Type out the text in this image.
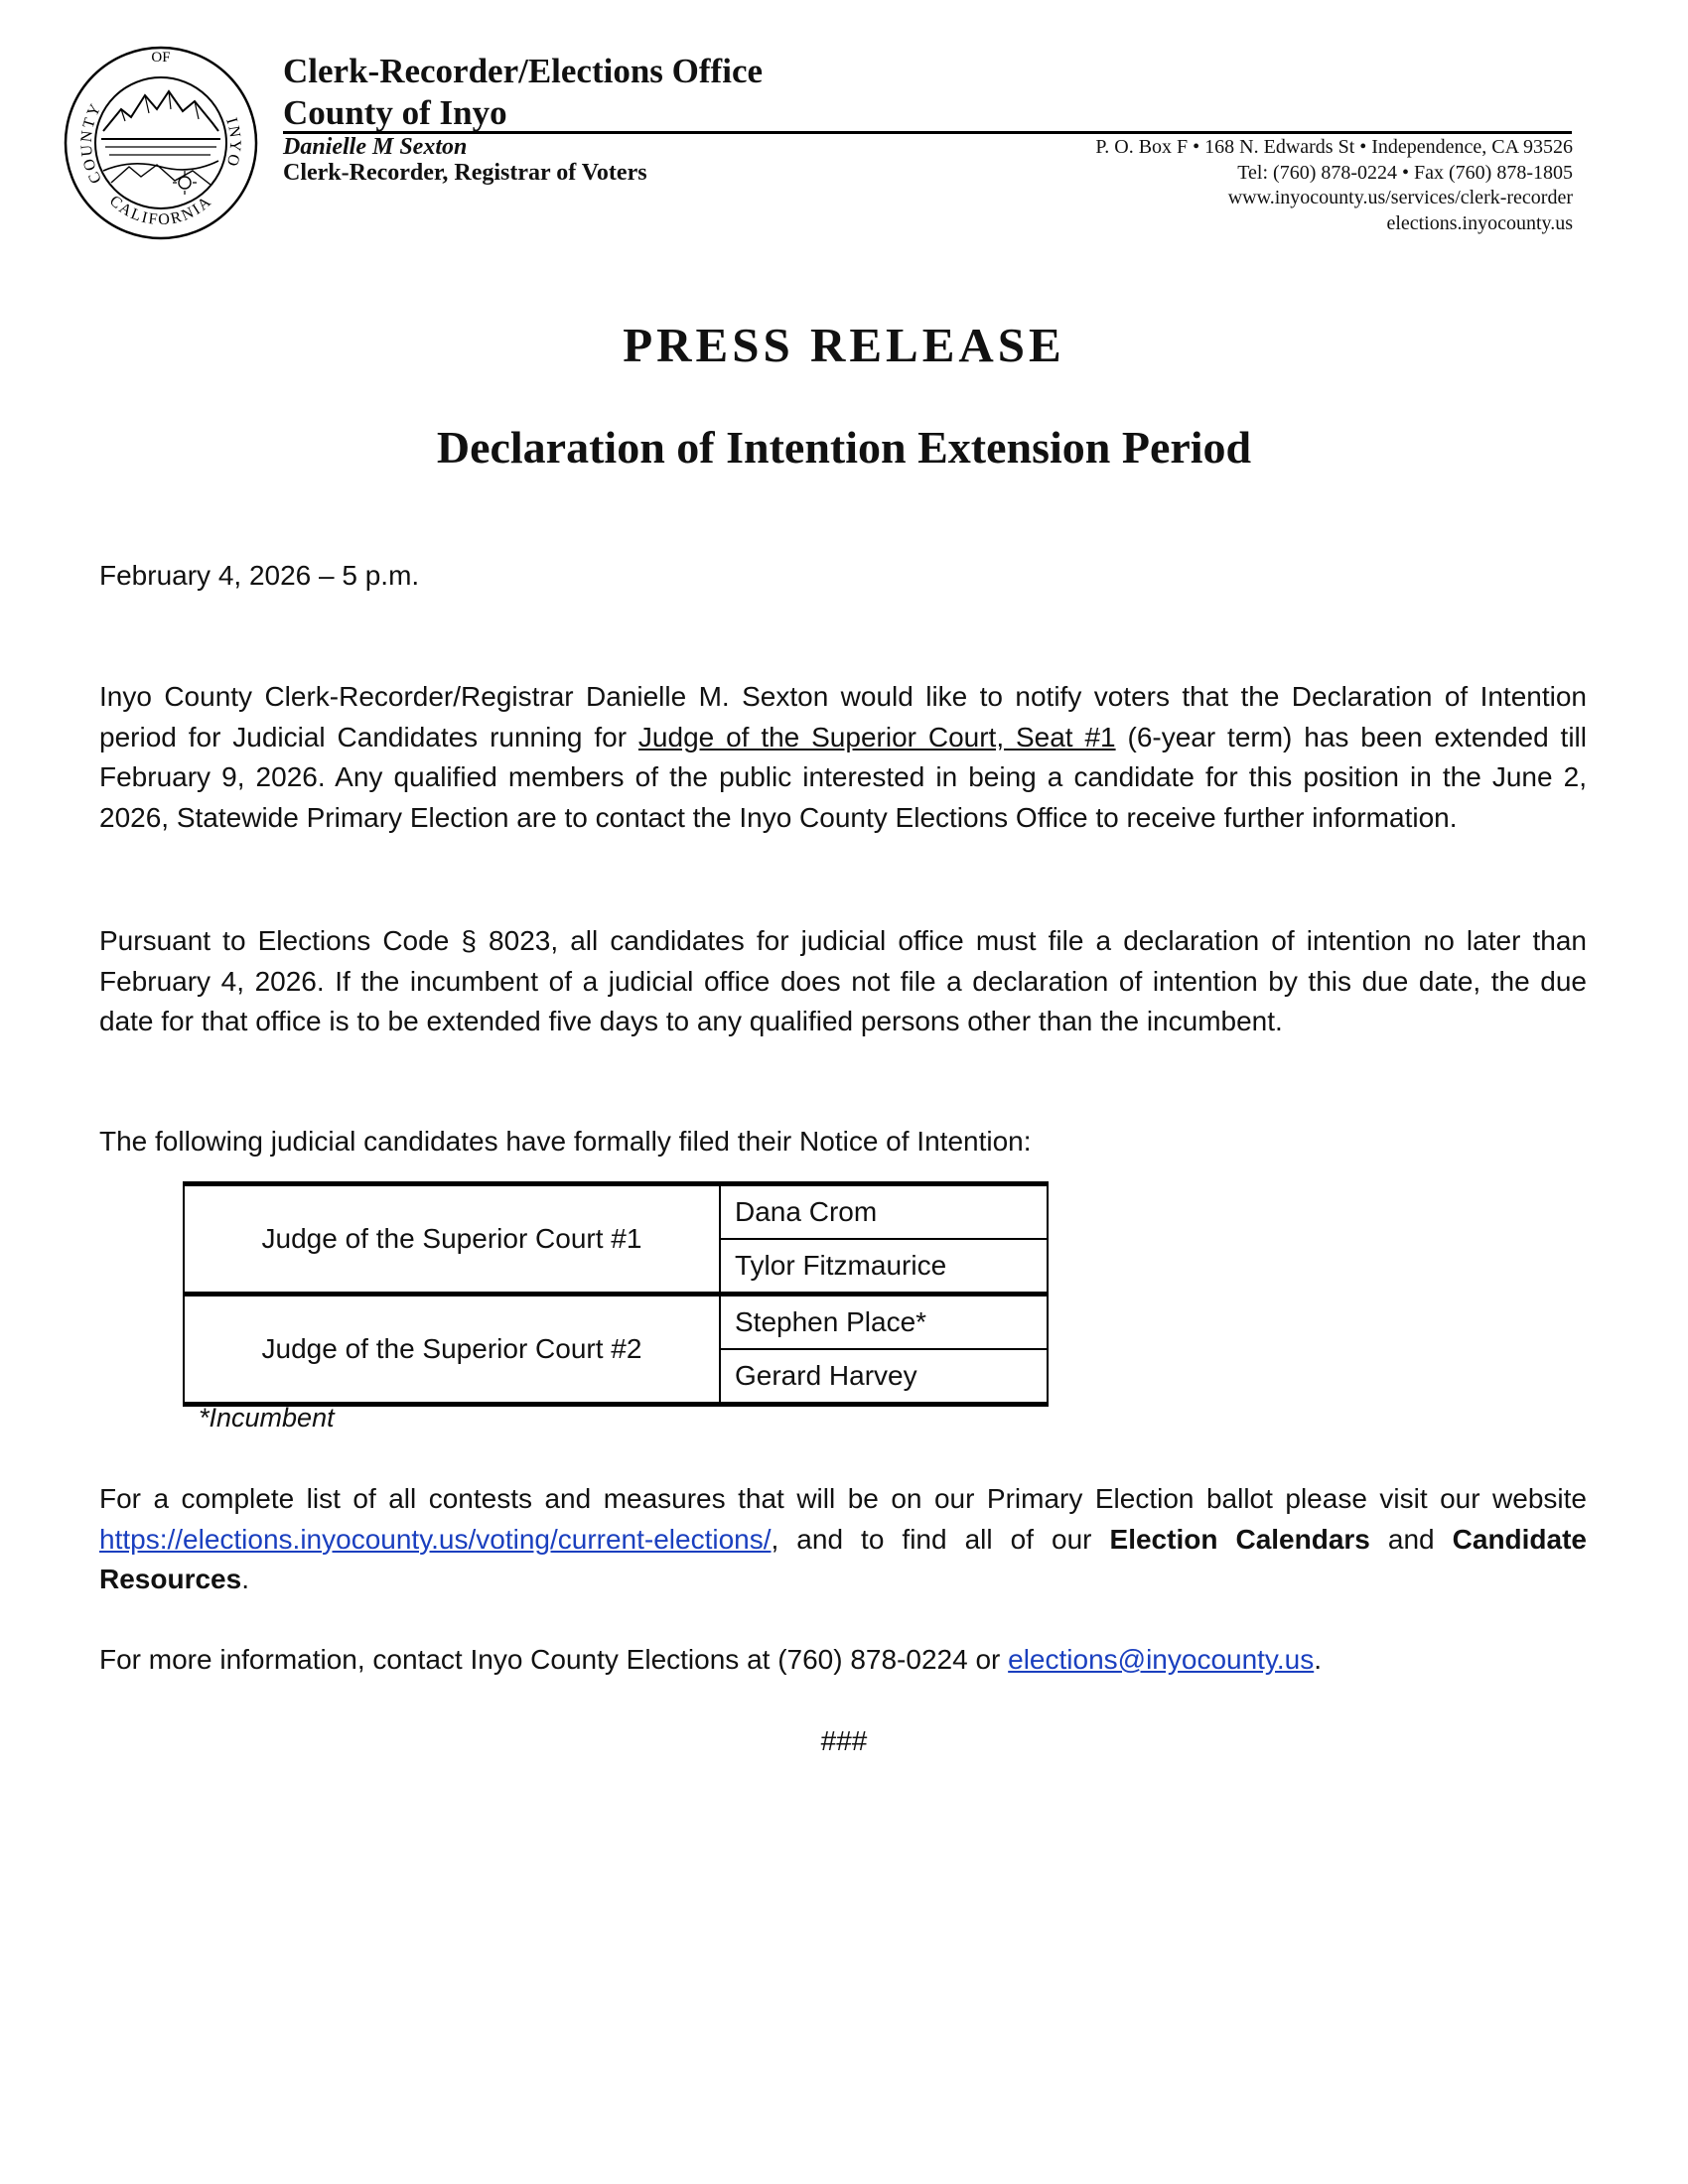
OF
COUNTY
INYO
CALIFORNIA
Clerk-Recorder/Elections Office
County of Inyo
Danielle M Sexton
Clerk-Recorder, Registrar of Voters
P. O. Box F • 168 N. Edwards St • Independence, CA 93526
Tel: (760) 878-0224 • Fax (760) 878-1805
www.inyocounty.us/services/clerk-recorder
elections.inyocounty.us
PRESS RELEASE
Declaration of Intention Extension Period
February 4, 2026 – 5 p.m.
Inyo County Clerk-Recorder/Registrar Danielle M. Sexton would like to notify voters that the Declaration of Intention period for Judicial Candidates running for Judge of the Superior Court, Seat #1 (6-year term) has been extended till February 9, 2026. Any qualified members of the public interested in being a candidate for this position in the June 2, 2026, Statewide Primary Election are to contact the Inyo County Elections Office to receive further information.
Pursuant to Elections Code § 8023, all candidates for judicial office must file a declaration of intention no later than February 4, 2026. If the incumbent of a judicial office does not file a declaration of intention by this due date, the due date for that office is to be extended five days to any qualified persons other than the incumbent.
The following judicial candidates have formally filed their Notice of Intention:
Judge of the Superior Court #1	Dana Crom
	Tylor Fitzmaurice
Judge of the Superior Court #2	Stephen Place*
	Gerard Harvey
*Incumbent
For a complete list of all contests and measures that will be on our Primary Election ballot please visit our website https://elections.inyocounty.us/voting/current-elections/, and to find all of our Election Calendars and Candidate Resources.
For more information, contact Inyo County Elections at (760) 878-0224 or elections@inyocounty.us.
###
